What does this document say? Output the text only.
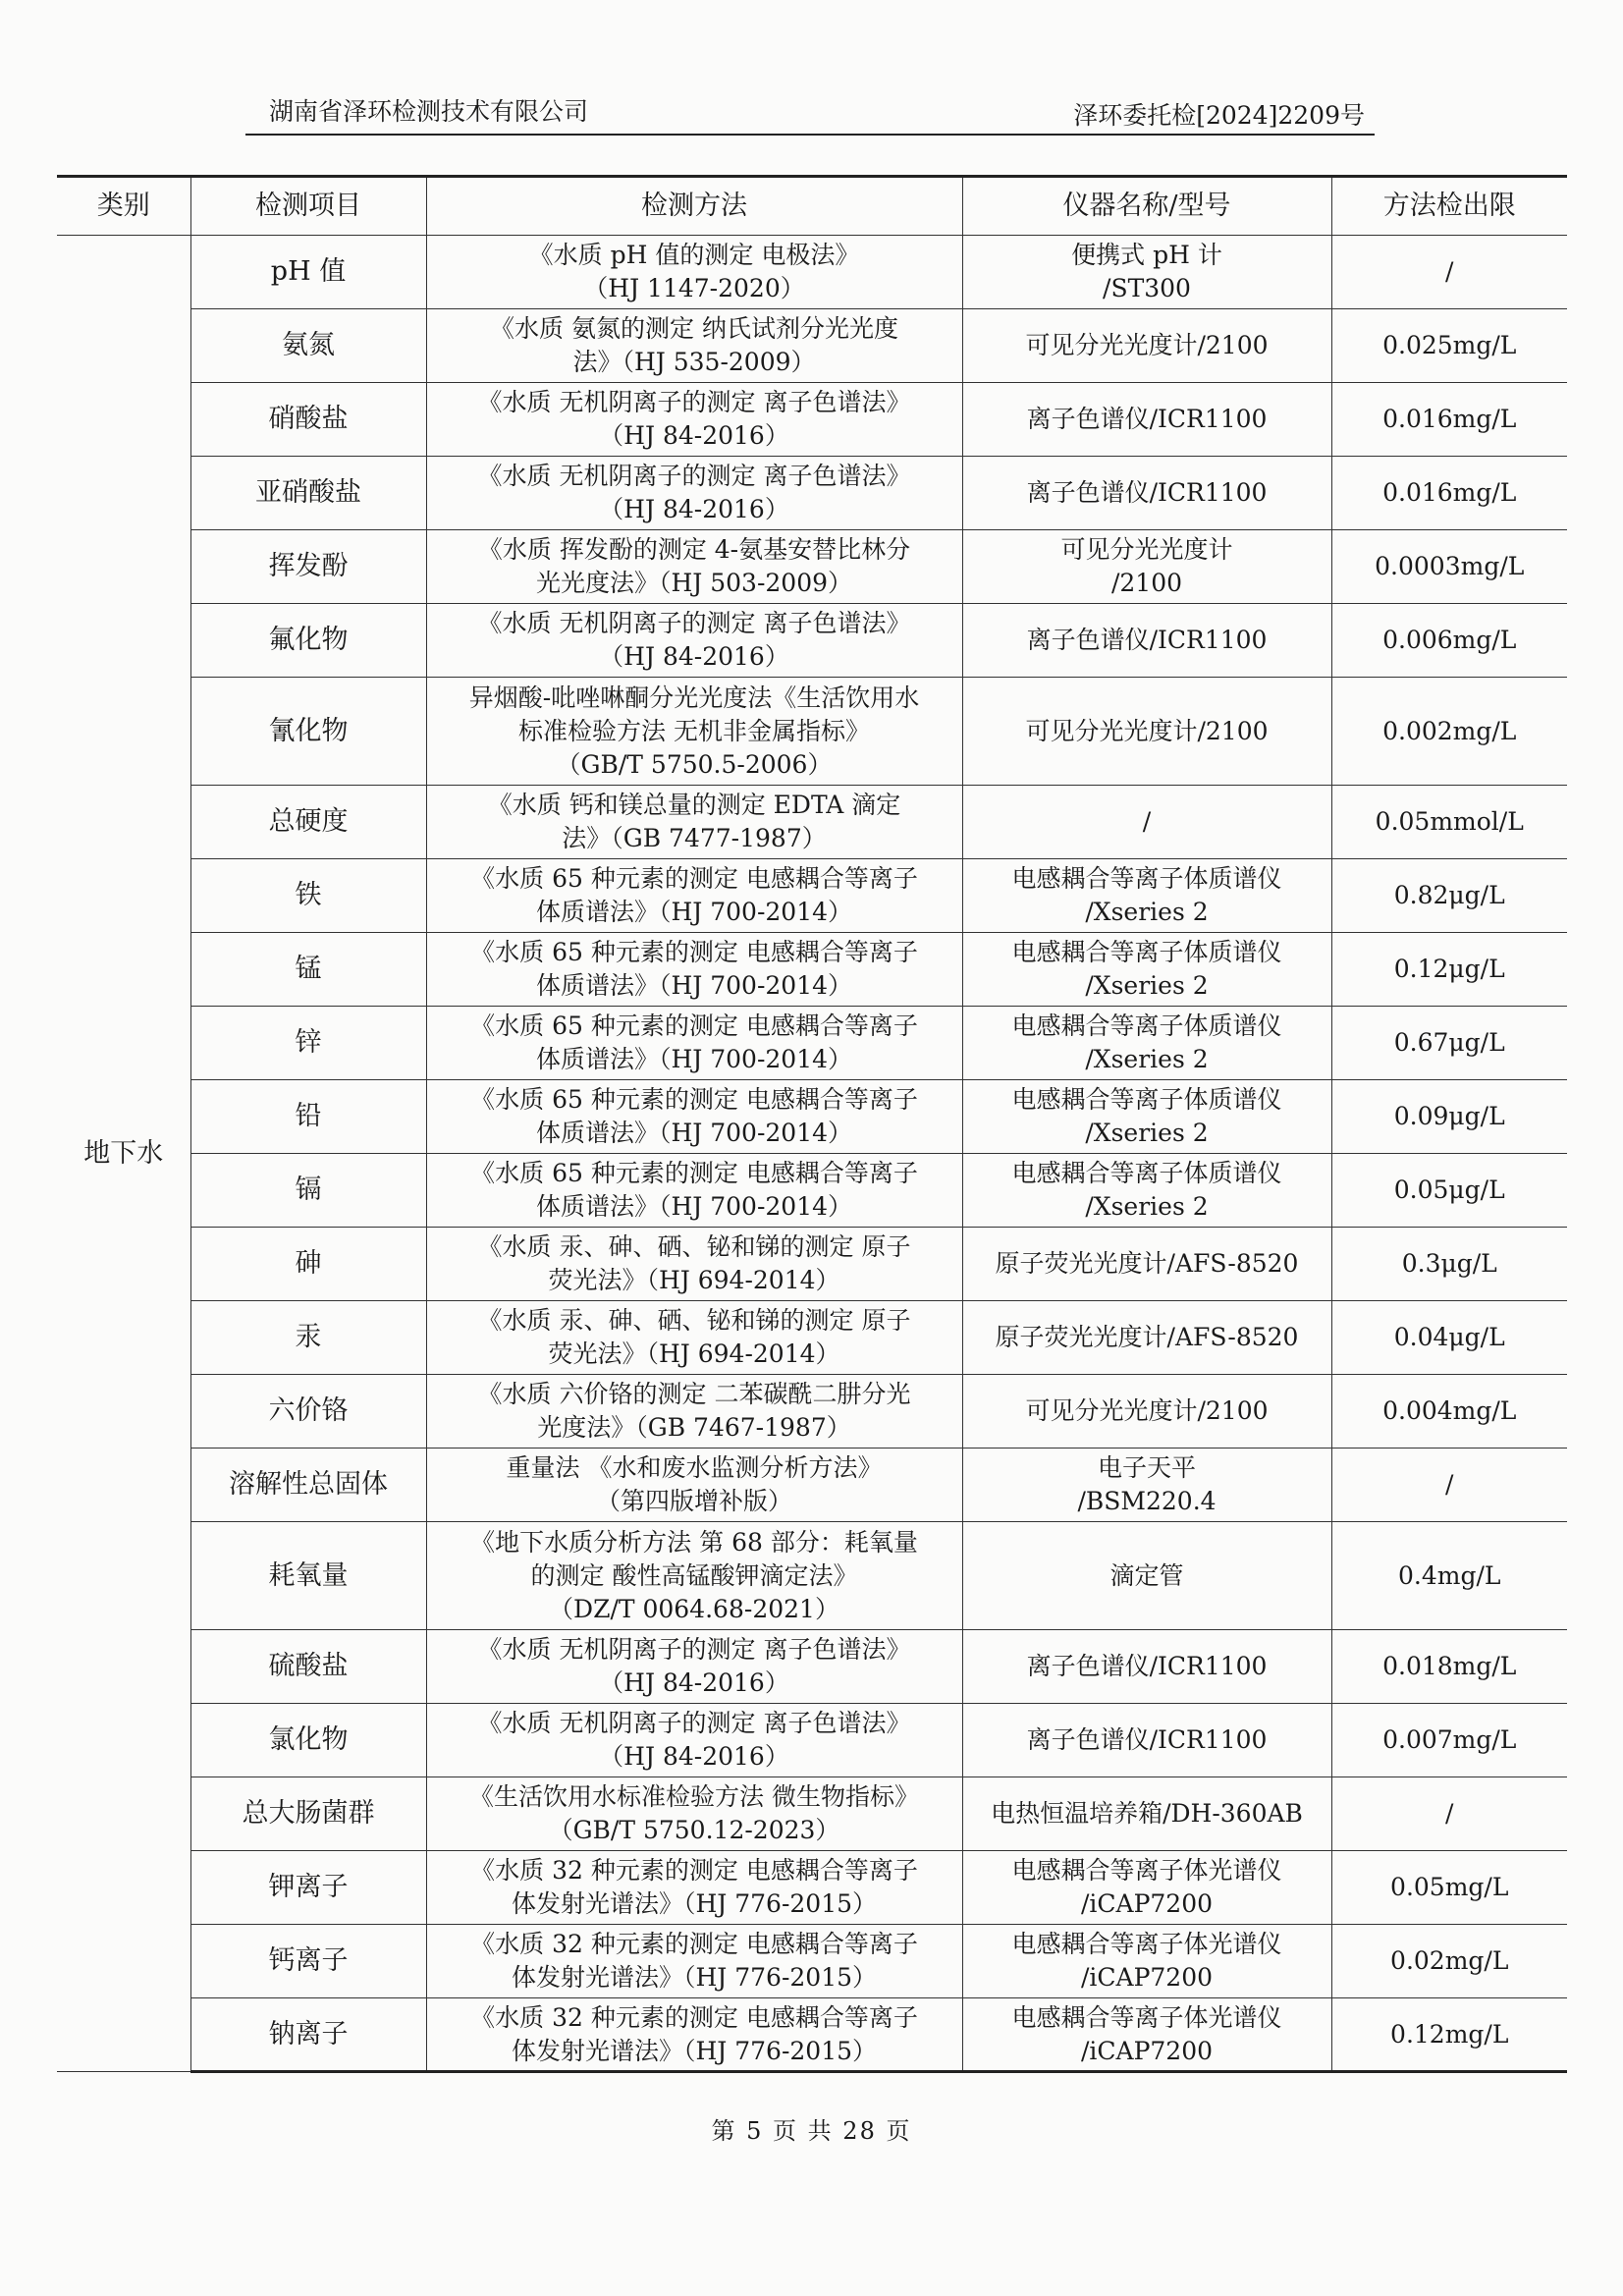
湖南省泽环检测技术有限公司	泽环委托检[2024]2209号
类别	检测项目	检测方法	仪器名称/型号	方法检出限
地下水	pH 值	《水质 pH 值的测定 电极法》
（HJ 1147-2020）	便携式 pH 计
/ST300	/
	氨氮	《水质 氨氮的测定 纳氏试剂分光光度
法》（HJ 535-2009）	可见分光光度计/2100	0.025mg/L
	硝酸盐	《水质 无机阴离子的测定 离子色谱法》
（HJ 84-2016）	离子色谱仪/ICR1100	0.016mg/L
	亚硝酸盐	《水质 无机阴离子的测定 离子色谱法》
（HJ 84-2016）	离子色谱仪/ICR1100	0.016mg/L
	挥发酚	《水质 挥发酚的测定 4-氨基安替比林分
光光度法》（HJ 503-2009）	可见分光光度计
/2100	0.0003mg/L
	氟化物	《水质 无机阴离子的测定 离子色谱法》
（HJ 84-2016）	离子色谱仪/ICR1100	0.006mg/L
	氰化物	异烟酸-吡唑啉酮分光光度法《生活饮用水
标准检验方法 无机非金属指标》
（GB/T 5750.5-2006）	可见分光光度计/2100	0.002mg/L
	总硬度	《水质 钙和镁总量的测定 EDTA 滴定
法》（GB 7477-1987）	/	0.05mmol/L
	铁	《水质 65 种元素的测定 电感耦合等离子
体质谱法》（HJ 700-2014）	电感耦合等离子体质谱仪
/Xseries 2	0.82μg/L
	锰	《水质 65 种元素的测定 电感耦合等离子
体质谱法》（HJ 700-2014）	电感耦合等离子体质谱仪
/Xseries 2	0.12μg/L
	锌	《水质 65 种元素的测定 电感耦合等离子
体质谱法》（HJ 700-2014）	电感耦合等离子体质谱仪
/Xseries 2	0.67μg/L
	铅	《水质 65 种元素的测定 电感耦合等离子
体质谱法》（HJ 700-2014）	电感耦合等离子体质谱仪
/Xseries 2	0.09μg/L
	镉	《水质 65 种元素的测定 电感耦合等离子
体质谱法》（HJ 700-2014）	电感耦合等离子体质谱仪
/Xseries 2	0.05μg/L
	砷	《水质 汞、砷、硒、铋和锑的测定 原子
荧光法》（HJ 694-2014）	原子荧光光度计/AFS-8520	0.3μg/L
	汞	《水质 汞、砷、硒、铋和锑的测定 原子
荧光法》（HJ 694-2014）	原子荧光光度计/AFS-8520	0.04μg/L
	六价铬	《水质 六价铬的测定 二苯碳酰二肼分光
光度法》（GB 7467-1987）	可见分光光度计/2100	0.004mg/L
	溶解性总固体	重量法 《水和废水监测分析方法》
（第四版增补版）	电子天平
/BSM220.4	/
	耗氧量	《地下水质分析方法 第 68 部分：耗氧量
的测定 酸性高锰酸钾滴定法》
（DZ/T 0064.68-2021）	滴定管	0.4mg/L
	硫酸盐	《水质 无机阴离子的测定 离子色谱法》
（HJ 84-2016）	离子色谱仪/ICR1100	0.018mg/L
	氯化物	《水质 无机阴离子的测定 离子色谱法》
（HJ 84-2016）	离子色谱仪/ICR1100	0.007mg/L
	总大肠菌群	《生活饮用水标准检验方法 微生物指标》
（GB/T 5750.12-2023）	电热恒温培养箱/DH-360AB	/
	钾离子	《水质 32 种元素的测定 电感耦合等离子
体发射光谱法》（HJ 776-2015）	电感耦合等离子体光谱仪
/iCAP7200	0.05mg/L
	钙离子	《水质 32 种元素的测定 电感耦合等离子
体发射光谱法》（HJ 776-2015）	电感耦合等离子体光谱仪
/iCAP7200	0.02mg/L
	钠离子	《水质 32 种元素的测定 电感耦合等离子
体发射光谱法》（HJ 776-2015）	电感耦合等离子体光谱仪
/iCAP7200	0.12mg/L
第 5 页 共 28 页
